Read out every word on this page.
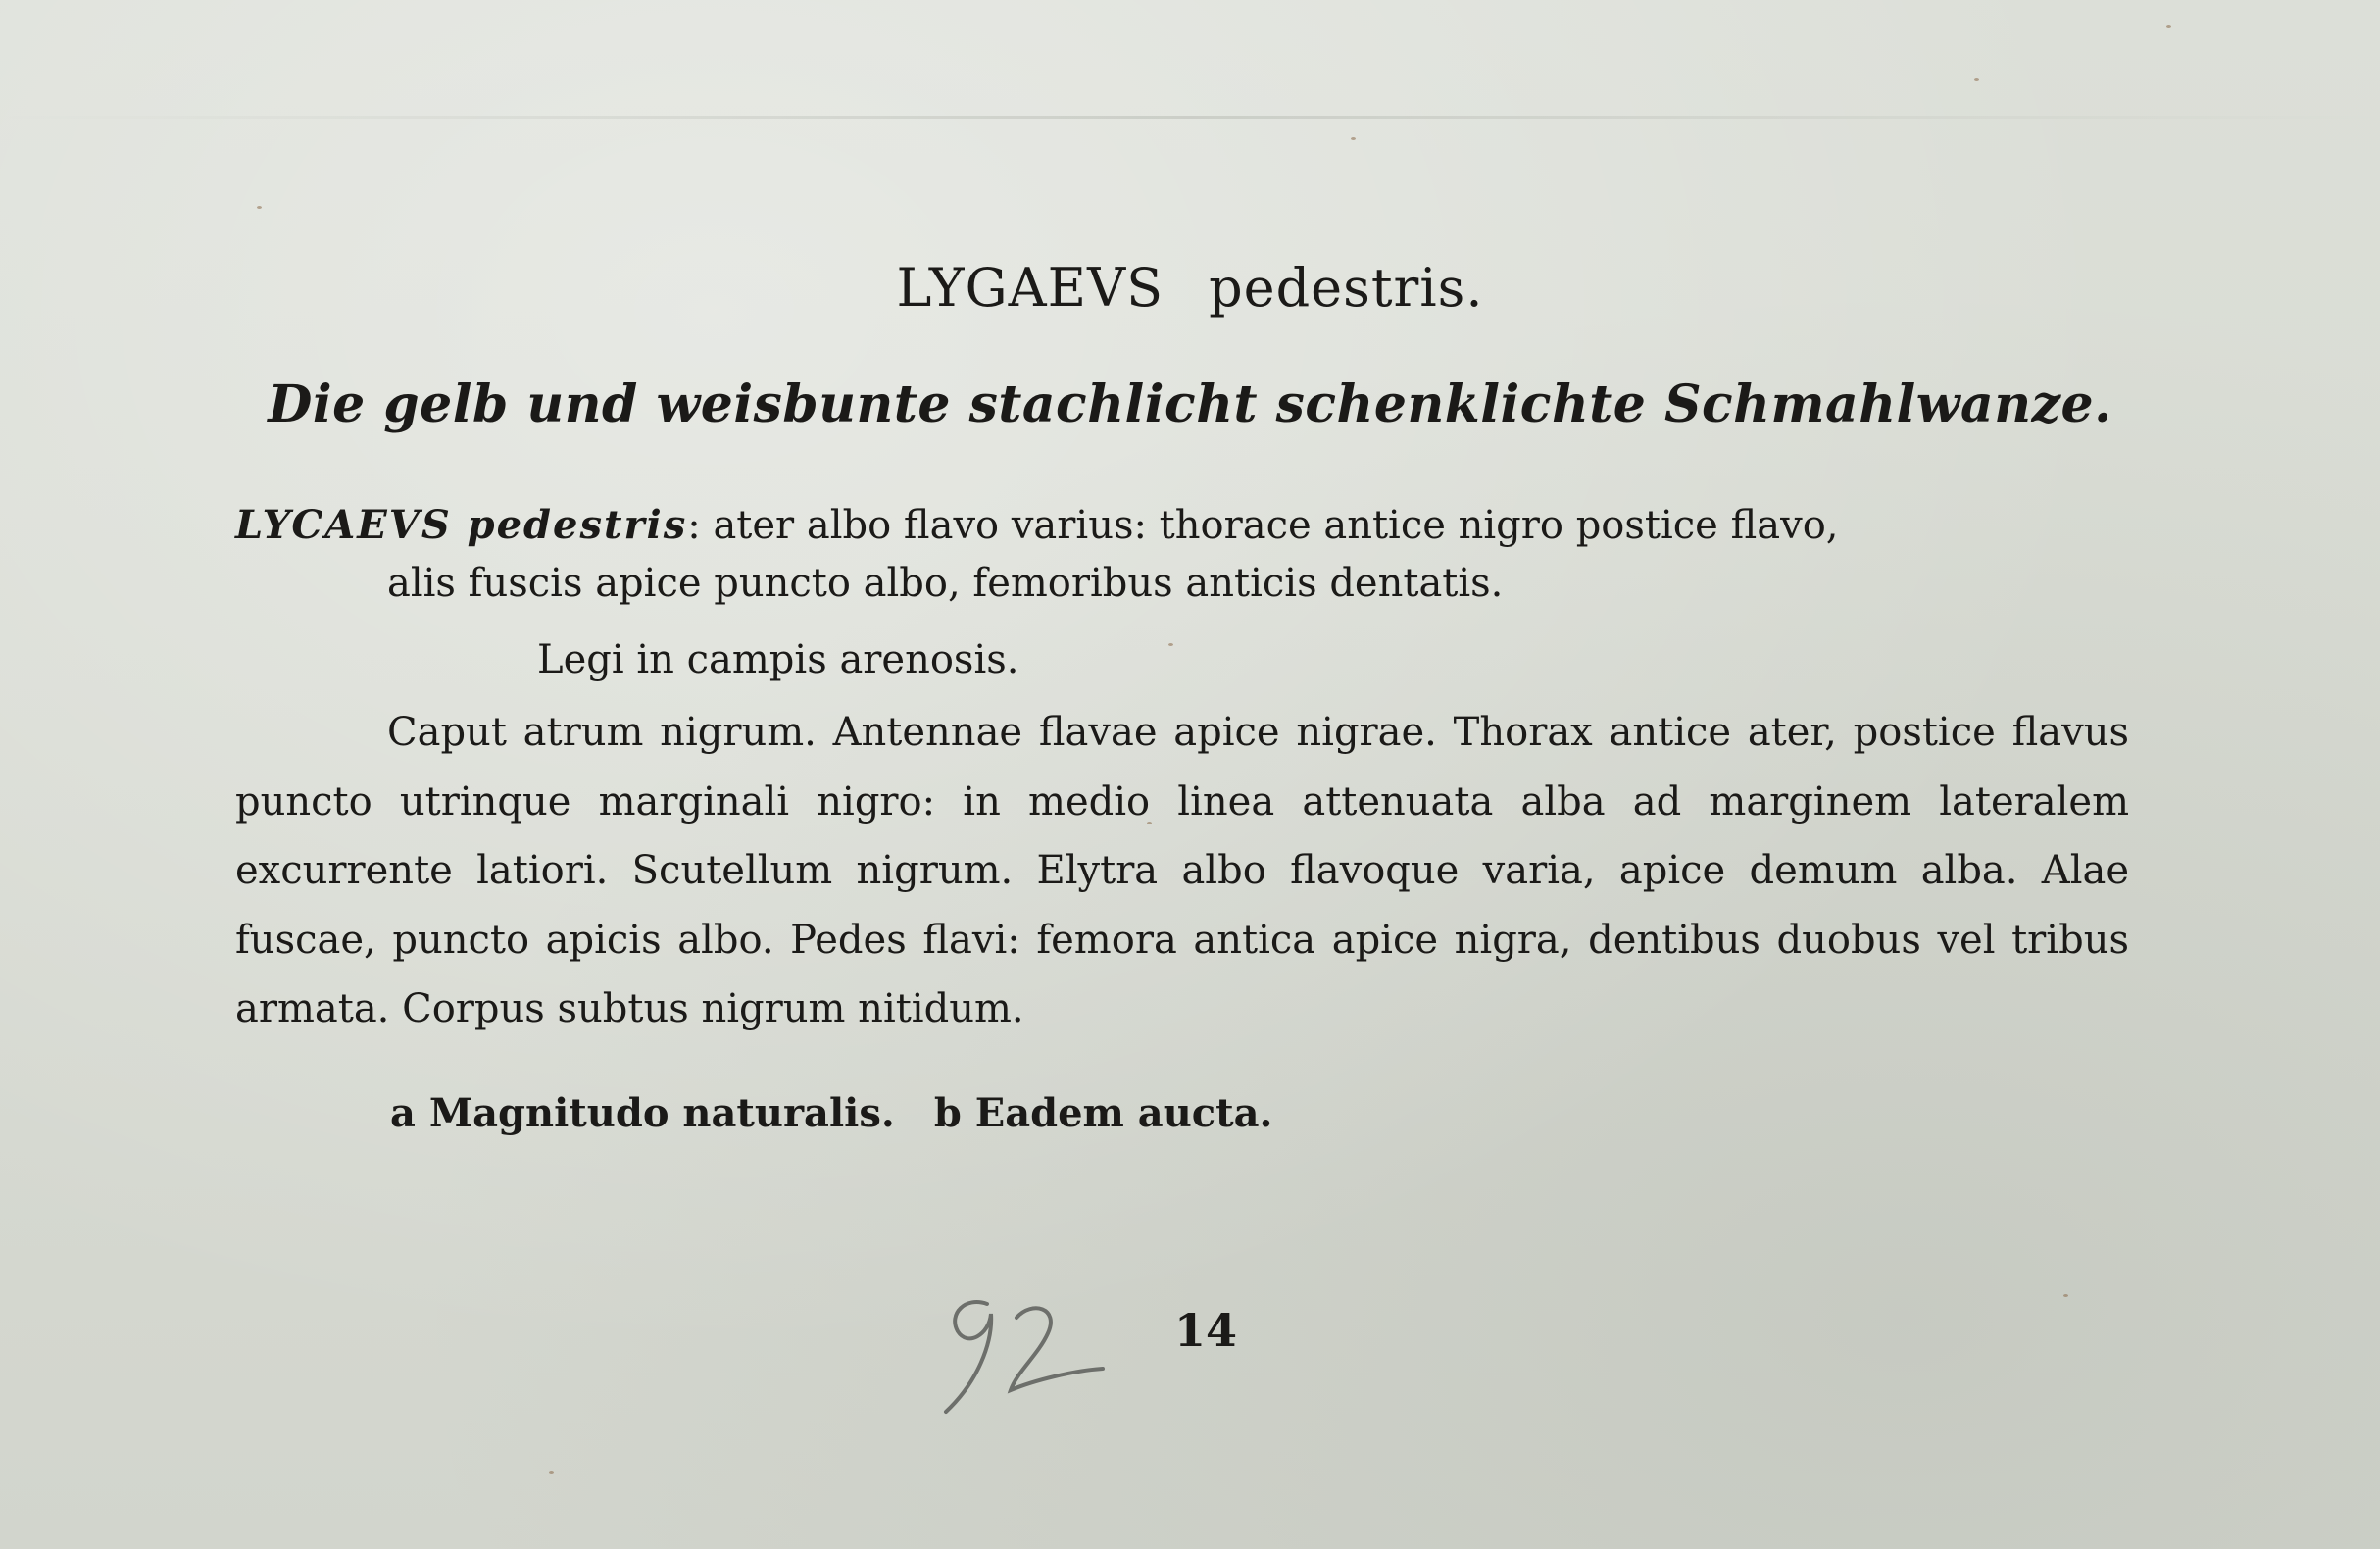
LYGAEVS pedestris.
Die gelb und weisbunte stachlicht schenklichte Schmahlwanze.
LYCAEVS pedestris: ater albo flavo varius: thorace antice nigro postice flavo,
alis fuscis apice puncto albo, femoribus anticis dentatis.
Legi in campis arenosis.
Caput atrum nigrum. Antennae flavae apice nigrae. Thorax antice ater, postice flavus puncto utrinque marginali nigro: in medio linea attenuata alba ad marginem lateralem excurrente latiori. Scutellum nigrum. Elytra albo flavoque varia, apice demum alba. Alae fuscae, puncto apicis albo. Pedes flavi: femora antica apice nigra, dentibus duobus vel tribus armata. Corpus subtus nigrum nitidum.
a Magnitudo naturalis. b Eadem aucta.
14
